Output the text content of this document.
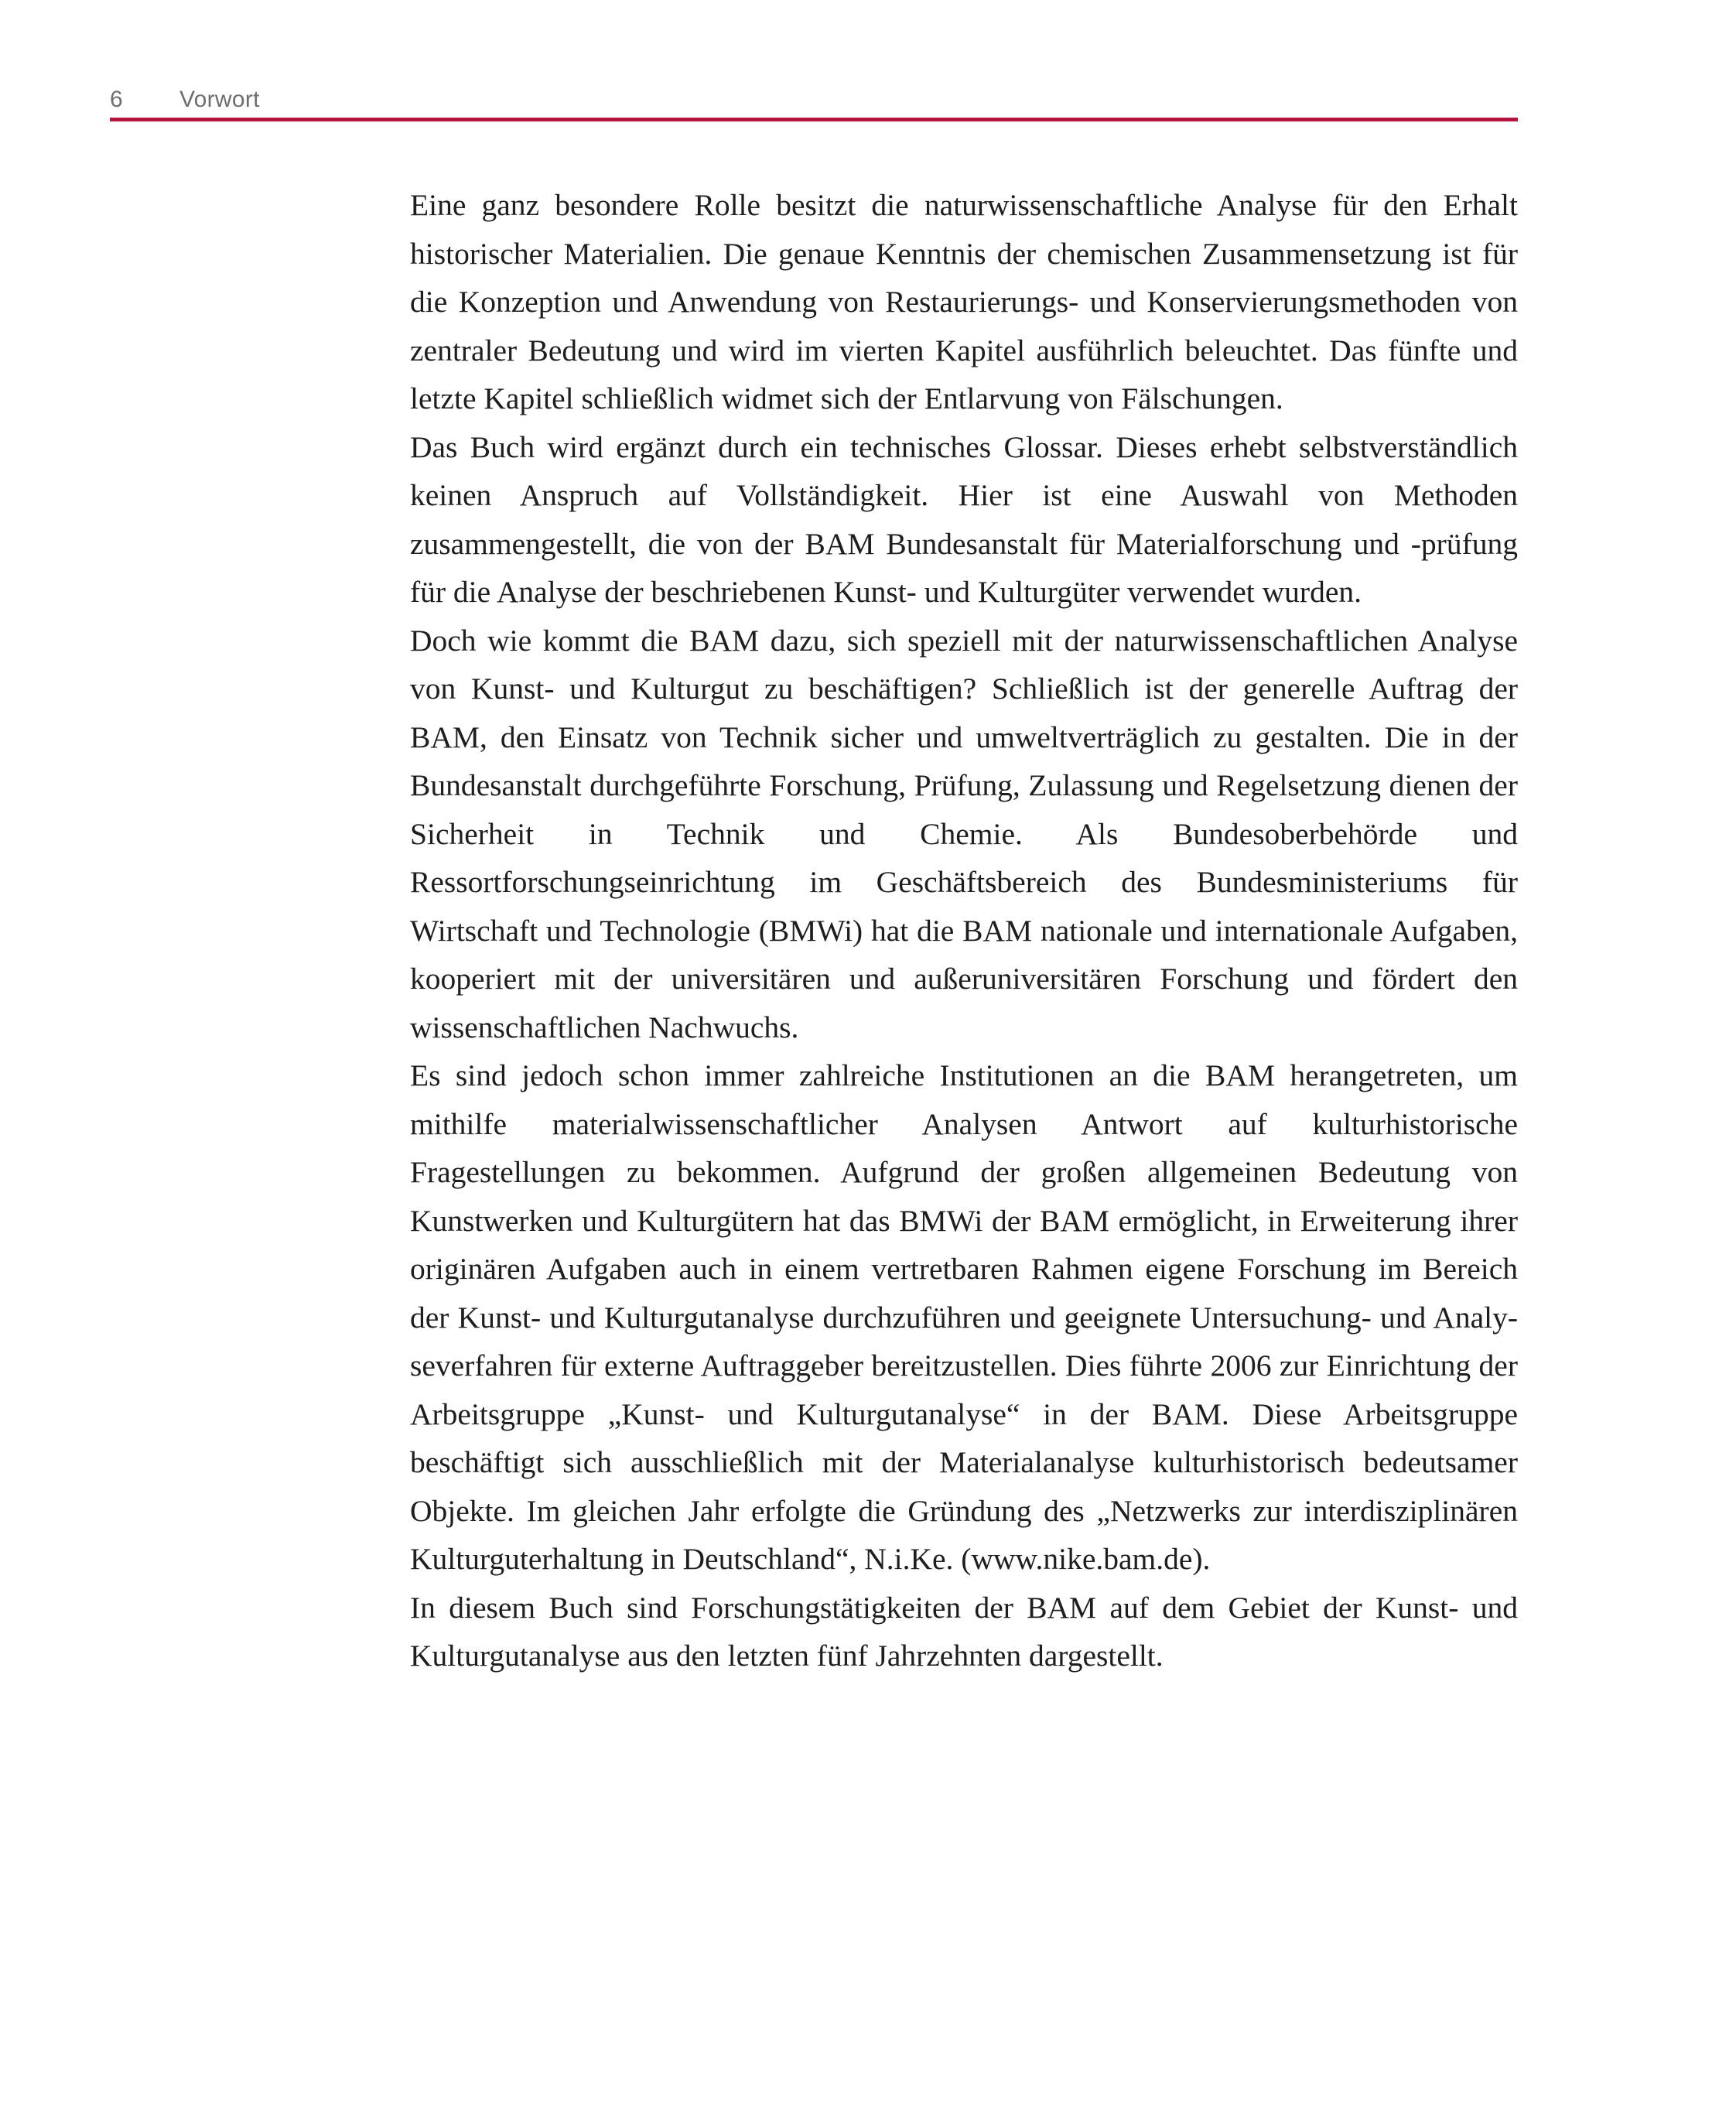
6 Vorwort

Eine ganz besondere Rolle besitzt die naturwissenschaftliche Analyse für den Erhalt historischer Materialien. Die genaue Kenntnis der chemischen Zusammensetzung ist für die Konzeption und Anwendung von Restaurierungs- und Konservierungsmethoden von zentraler Bedeutung und wird im vierten Kapitel ausführlich beleuchtet. Das fünfte und letzte Kapitel schließlich widmet sich der Entlarvung von Fälschungen.

Das Buch wird ergänzt durch ein technisches Glossar. Dieses erhebt selbstverständlich keinen Anspruch auf Vollständigkeit. Hier ist eine Auswahl von Methoden zusammengestellt, die von der BAM Bundesanstalt für Materialforschung und -prüfung für die Analyse der beschriebenen Kunst- und Kulturgüter verwendet wurden.

Doch wie kommt die BAM dazu, sich speziell mit der naturwissenschaftlichen Analyse von Kunst- und Kulturgut zu beschäftigen? Schließlich ist der generelle Auftrag der BAM, den Einsatz von Technik sicher und umweltverträglich zu gestalten. Die in der Bundesanstalt durchgeführte Forschung, Prüfung, Zulassung und Regelsetzung dienen der Sicherheit in Technik und Chemie. Als Bundesoberbehörde und Ressortforschungseinrichtung im Geschäftsbereich des Bundesministeriums für Wirtschaft und Technologie (BMWi) hat die BAM nationale und internationale Aufgaben, kooperiert mit der universitären und außeruniversitären Forschung und fördert den wissenschaftlichen Nachwuchs.

Es sind jedoch schon immer zahlreiche Institutionen an die BAM herangetreten, um mithilfe materialwissenschaftlicher Analysen Antwort auf kulturhistorische Fragestellungen zu bekommen. Aufgrund der großen allgemeinen Bedeutung von Kunstwerken und Kulturgütern hat das BMWi der BAM ermöglicht, in Erweiterung ihrer originären Aufgaben auch in einem vertretbaren Rahmen eigene Forschung im Bereich der Kunst- und Kulturgutanalyse durchzuführen und geeignete Untersuchung- und Analyseverfahren für externe Auftraggeber bereitzustellen. Dies führte 2006 zur Einrichtung der Arbeitsgruppe „Kunst- und Kulturgutanalyse“ in der BAM. Diese Arbeitsgruppe beschäftigt sich ausschließlich mit der Materialanalyse kulturhistorisch bedeutsamer Objekte. Im gleichen Jahr erfolgte die Gründung des „Netzwerks zur interdisziplinären Kulturguterhaltung in Deutschland“, N.i.Ke. (www.nike.bam.de).

In diesem Buch sind Forschungstätigkeiten der BAM auf dem Gebiet der Kunst- und Kulturgutanalyse aus den letzten fünf Jahrzehnten dargestellt.
